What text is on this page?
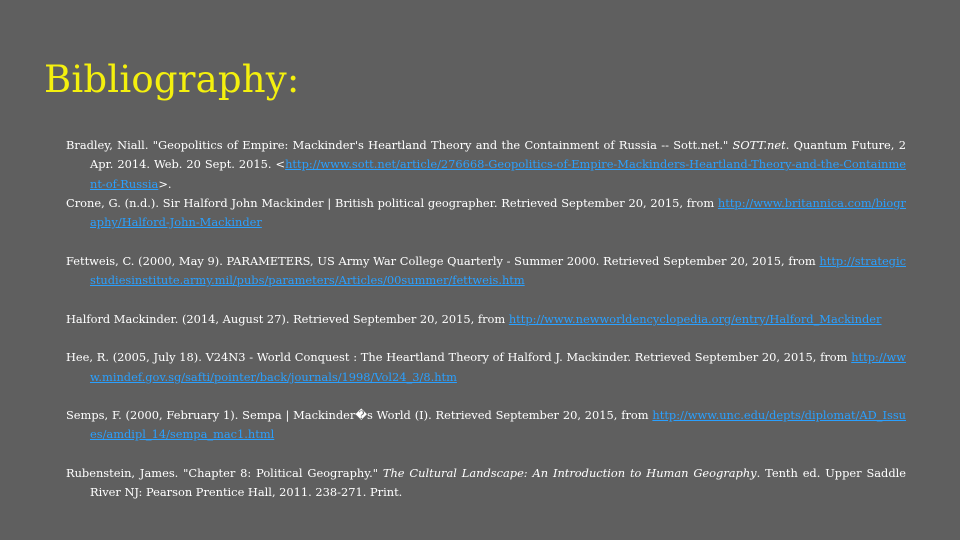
Bibliography:

Bradley, Niall. "Geopolitics of Empire: Mackinder's Heartland Theory and the Containment of Russia -- Sott.net." SOTT.net. Quantum Future, 2 Apr. 2014. Web. 20 Sept. 2015. <http://www.sott.net/article/276668-Geopolitics-of-Empire-Mackinders-Heartland-Theory-and-the-Containment-of-Russia>.

Crone, G. (n.d.). Sir Halford John Mackinder | British political geographer. Retrieved September 20, 2015, from http://www.britannica.com/biography/Halford-John-Mackinder

Fettweis, C. (2000, May 9). PARAMETERS, US Army War College Quarterly - Summer 2000. Retrieved September 20, 2015, from http://strategicstudiesinstitute.army.mil/pubs/parameters/Articles/00summer/fettweis.htm

Halford Mackinder. (2014, August 27). Retrieved September 20, 2015, from http://www.newworldencyclopedia.org/entry/Halford_Mackinder

Hee, R. (2005, July 18). V24N3 - World Conquest : The Heartland Theory of Halford J. Mackinder. Retrieved September 20, 2015, from http://www.mindef.gov.sg/safti/pointer/back/journals/1998/Vol24_3/8.htm

Semps, F. (2000, February 1). Sempa | Mackinder�s World (I). Retrieved September 20, 2015, from http://www.unc.edu/depts/diplomat/AD_Issues/amdipl_14/sempa_mac1.html

Rubenstein, James. "Chapter 8: Political Geography." The Cultural Landscape: An Introduction to Human Geography. Tenth ed. Upper Saddle River NJ: Pearson Prentice Hall, 2011. 238-271. Print.
